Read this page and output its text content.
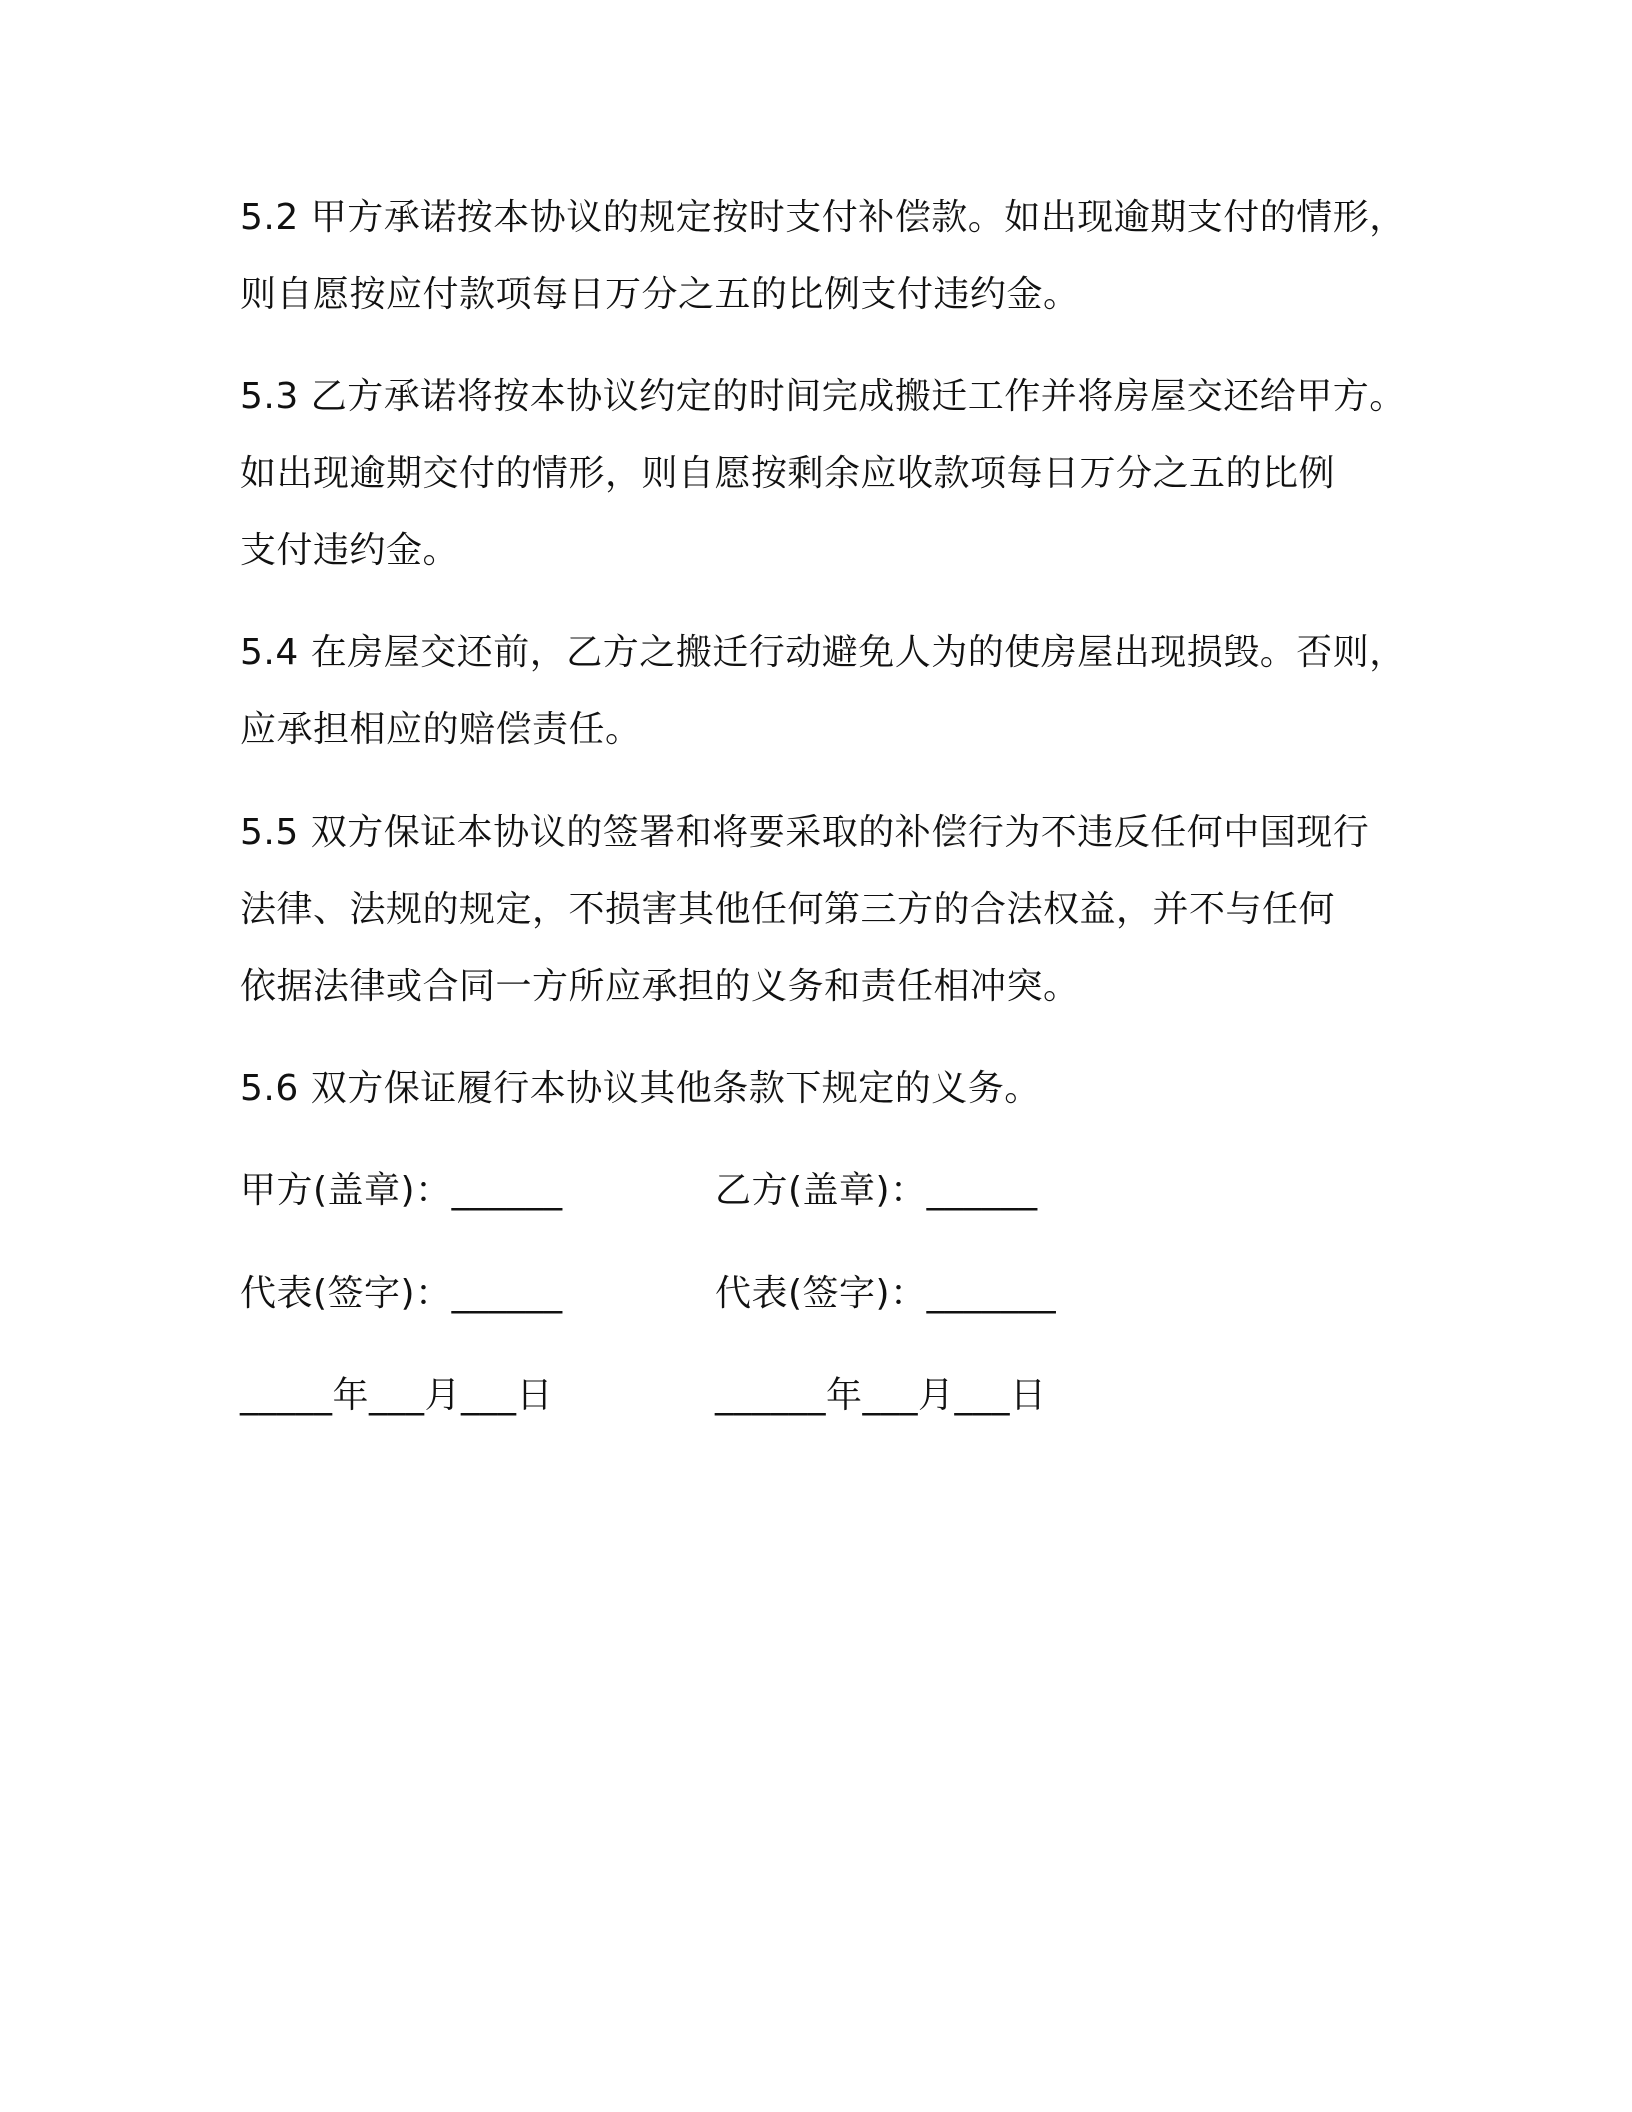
5.2 甲方承诺按本协议的规定按时支付补偿款。如出现逾期支付的情形，
则自愿按应付款项每日万分之五的比例支付违约金。
5.3 乙方承诺将按本协议约定的时间完成搬迁工作并将房屋交还给甲方。
如出现逾期交付的情形，则自愿按剩余应收款项每日万分之五的比例
支付违约金。
5.4 在房屋交还前，乙方之搬迁行动避免人为的使房屋出现损毁。否则，
应承担相应的赔偿责任。
5.5 双方保证本协议的签署和将要采取的补偿行为不违反任何中国现行
法律、法规的规定，不损害其他任何第三方的合法权益，并不与任何
依据法律或合同一方所应承担的义务和责任相冲突。
5.6 双方保证履行本协议其他条款下规定的义务。
甲方(盖章)：______	乙方(盖章)：______
代表(签字)：______	代表(签字)：_______
_____年___月___日	______年___月___日
